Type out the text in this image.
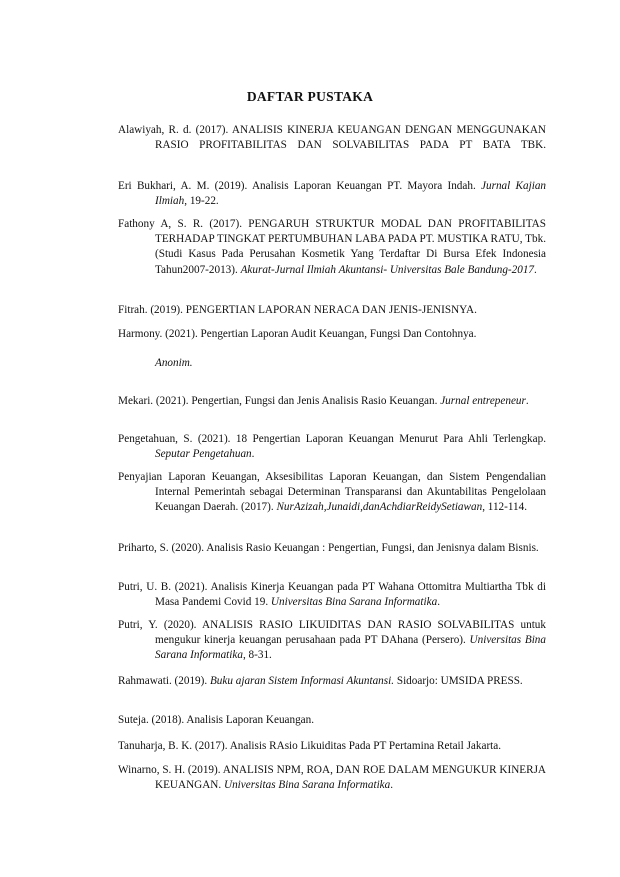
DAFTAR PUSTAKA
Alawiyah, R. d. (2017). ANALISIS KINERJA KEUANGAN DENGAN MENGGUNAKAN RASIO PROFITABILITAS DAN SOLVABILITAS PADA PT BATA TBK.
Eri Bukhari, A. M. (2019). Analisis Laporan Keuangan PT. Mayora Indah. Jurnal Kajian Ilmiah, 19-22.
Fathony A, S. R. (2017). PENGARUH STRUKTUR MODAL DAN PROFITABILITAS TERHADAP TINGKAT PERTUMBUHAN LABA PADA PT. MUSTIKA RATU, Tbk. (Studi Kasus Pada Perusahan Kosmetik Yang Terdaftar Di Bursa Efek Indonesia Tahun2007-2013). Akurat-Jurnal Ilmiah Akuntansi- Universitas Bale Bandung-2017.
Fitrah. (2019). PENGERTIAN LAPORAN NERACA DAN JENIS-JENISNYA.
Harmony. (2021). Pengertian Laporan Audit Keuangan, Fungsi Dan Contohnya.
Anonim.
Mekari. (2021). Pengertian, Fungsi dan Jenis Analisis Rasio Keuangan. Jurnal entrepeneur.
Pengetahuan, S. (2021). 18 Pengertian Laporan Keuangan Menurut Para Ahli Terlengkap. Seputar Pengetahuan.
Penyajian Laporan Keuangan, Aksesibilitas Laporan Keuangan, dan Sistem Pengendalian Internal Pemerintah sebagai Determinan Transparansi dan Akuntabilitas Pengelolaan Keuangan Daerah. (2017). NurAzizah,Junaidi,danAchdiarReidySetiawan, 112-114.
Priharto, S. (2020). Analisis Rasio Keuangan : Pengertian, Fungsi, dan Jenisnya dalam Bisnis.
Putri, U. B. (2021). Analisis Kinerja Keuangan pada PT Wahana Ottomitra Multiartha Tbk di Masa Pandemi Covid 19. Universitas Bina Sarana Informatika.
Putri, Y. (2020). ANALISIS RASIO LIKUIDITAS DAN RASIO SOLVABILITAS untuk mengukur kinerja keuangan perusahaan pada PT DAhana (Persero). Universitas Bina Sarana Informatika, 8-31.
Rahmawati. (2019). Buku ajaran Sistem Informasi Akuntansi. Sidoarjo: UMSIDA PRESS.
Suteja. (2018). Analisis Laporan Keuangan.
Tanuharja, B. K. (2017). Analisis RAsio Likuiditas Pada PT Pertamina Retail Jakarta.
Winarno, S. H. (2019). ANALISIS NPM, ROA, DAN ROE DALAM MENGUKUR KINERJA KEUANGAN. Universitas Bina Sarana Informatika.
